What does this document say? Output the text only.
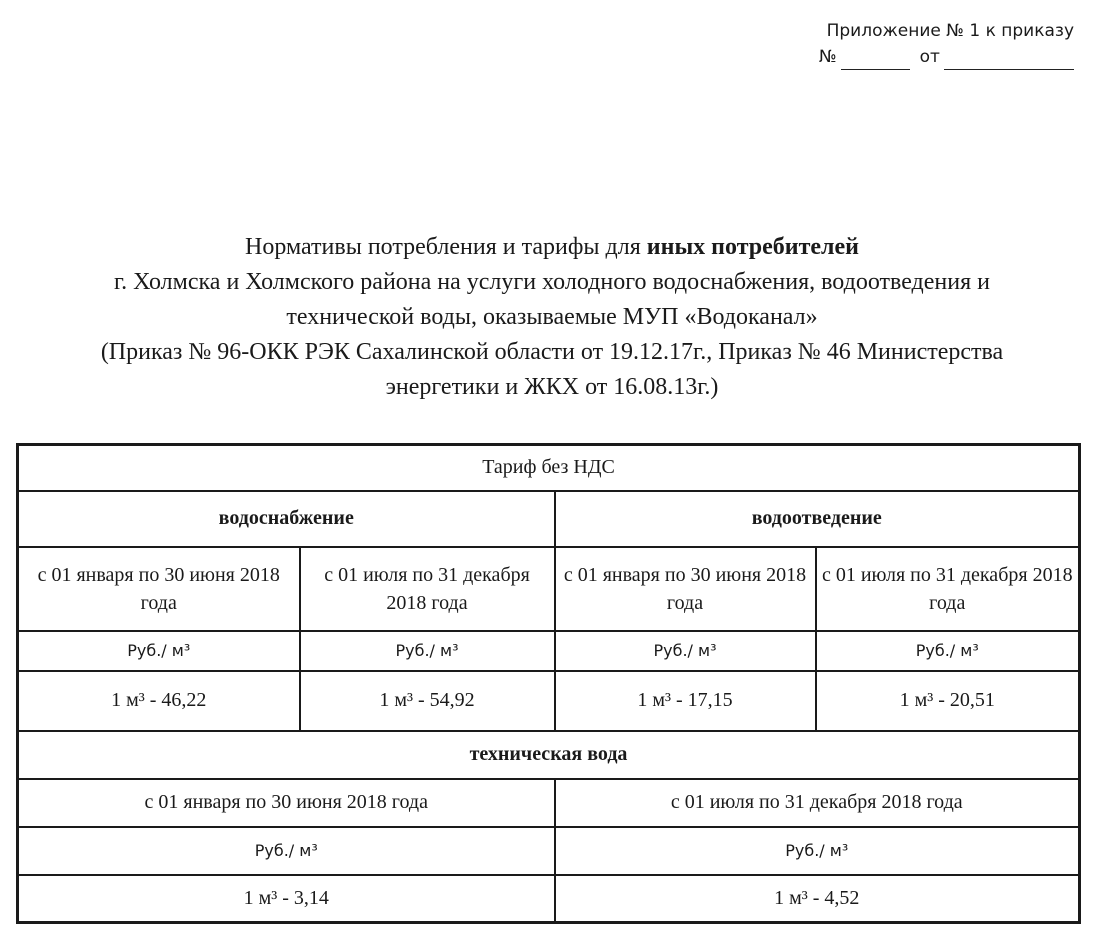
Приложение № 1 к приказу
№	от
Нормативы потребления и тарифы для иных потребителей
г. Холмска и Холмского района на услуги холодного водоснабжения, водоотведения и
технической воды, оказываемые МУП «Водоканал»
(Приказ № 96-ОКК РЭК Сахалинской области от 19.12.17г., Приказ № 46 Министерства
энергетики и ЖКХ от 16.08.13г.)
Тариф без НДС			
водоснабжение		водоотведение	
с 01 января по 30 июня 2018 года	с 01 июля по 31 декабря 2018 года	с 01 января по 30 июня 2018 года	с 01 июля по 31 декабря 2018 года
Руб./ м³	Руб./ м³	Руб./ м³	Руб./ м³
1 м³ - 46,22	1 м³ - 54,92	1 м³ - 17,15	1 м³ - 20,51
техническая вода			
с 01 января по 30 июня 2018 года		с 01 июля по 31 декабря 2018 года	
Руб./ м³		Руб./ м³	
1 м³ - 3,14		1 м³ - 4,52	
